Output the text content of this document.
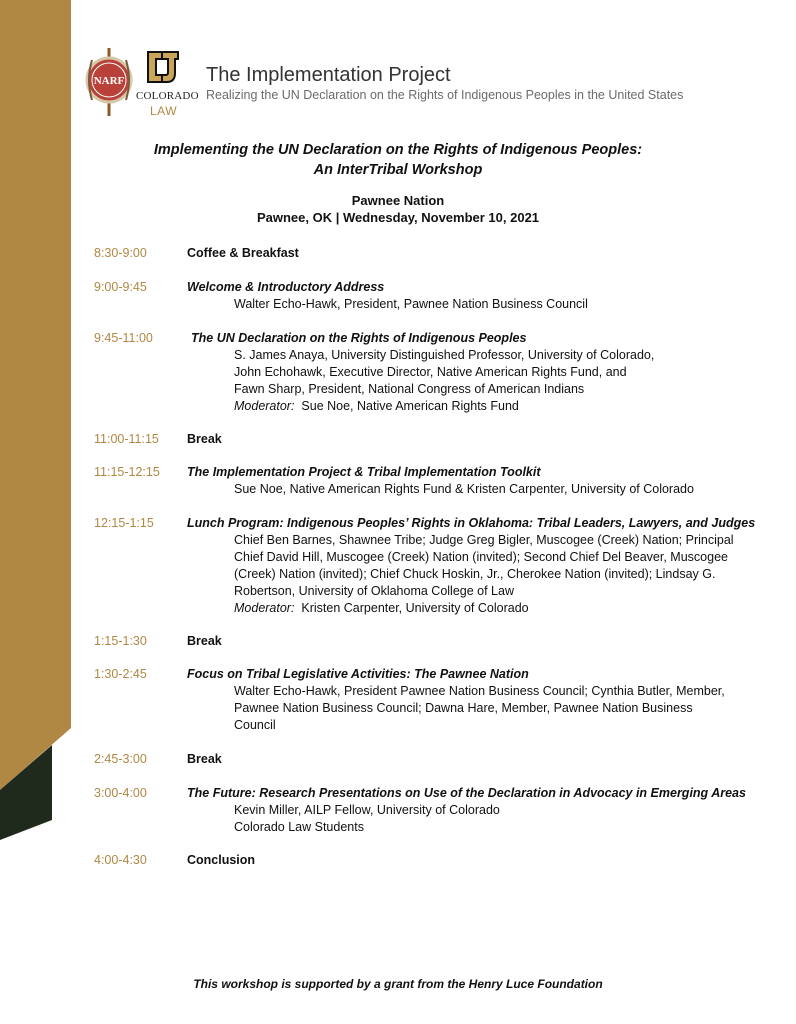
NARF
COLORADO
LAW
The Implementation Project
Realizing the UN Declaration on the Rights of Indigenous Peoples in the United States
Implementing the UN Declaration on the Rights of Indigenous Peoples:
An InterTribal Workshop
Pawnee Nation
Pawnee, OK | Wednesday, November 10, 2021
8:30-9:00	Coffee & Breakfast
9:00-9:45	Welcome & Introductory Address
Walter Echo-Hawk, President, Pawnee Nation Business Council
9:45-11:00	The UN Declaration on the Rights of Indigenous Peoples
S. James Anaya, University Distinguished Professor, University of Colorado,
John Echohawk, Executive Director, Native American Rights Fund, and
Fawn Sharp, President, National Congress of American Indians
Moderator: Sue Noe, Native American Rights Fund
11:00-11:15 Break
11:15-12:15 The Implementation Project & Tribal Implementation Toolkit
Sue Noe, Native American Rights Fund & Kristen Carpenter, University of Colorado
12:15-1:15	Lunch Program: Indigenous Peoples’ Rights in Oklahoma: Tribal Leaders, Lawyers, and Judges
Chief Ben Barnes, Shawnee Tribe; Judge Greg Bigler, Muscogee (Creek) Nation; Principal
Chief David Hill, Muscogee (Creek) Nation (invited); Second Chief Del Beaver, Muscogee
(Creek) Nation (invited); Chief Chuck Hoskin, Jr., Cherokee Nation (invited); Lindsay G.
Robertson, University of Oklahoma College of Law
Moderator: Kristen Carpenter, University of Colorado
1:15-1:30	Break
1:30-2:45	Focus on Tribal Legislative Activities: The Pawnee Nation
Walter Echo-Hawk, President Pawnee Nation Business Council; Cynthia Butler, Member,
Pawnee Nation Business Council; Dawna Hare, Member, Pawnee Nation Business
Council
2:45-3:00	Break
3:00-4:00	The Future: Research Presentations on Use of the Declaration in Advocacy in Emerging Areas
Kevin Miller, AILP Fellow, University of Colorado
Colorado Law Students
4:00-4:30	Conclusion
This workshop is supported by a grant from the Henry Luce Foundation
